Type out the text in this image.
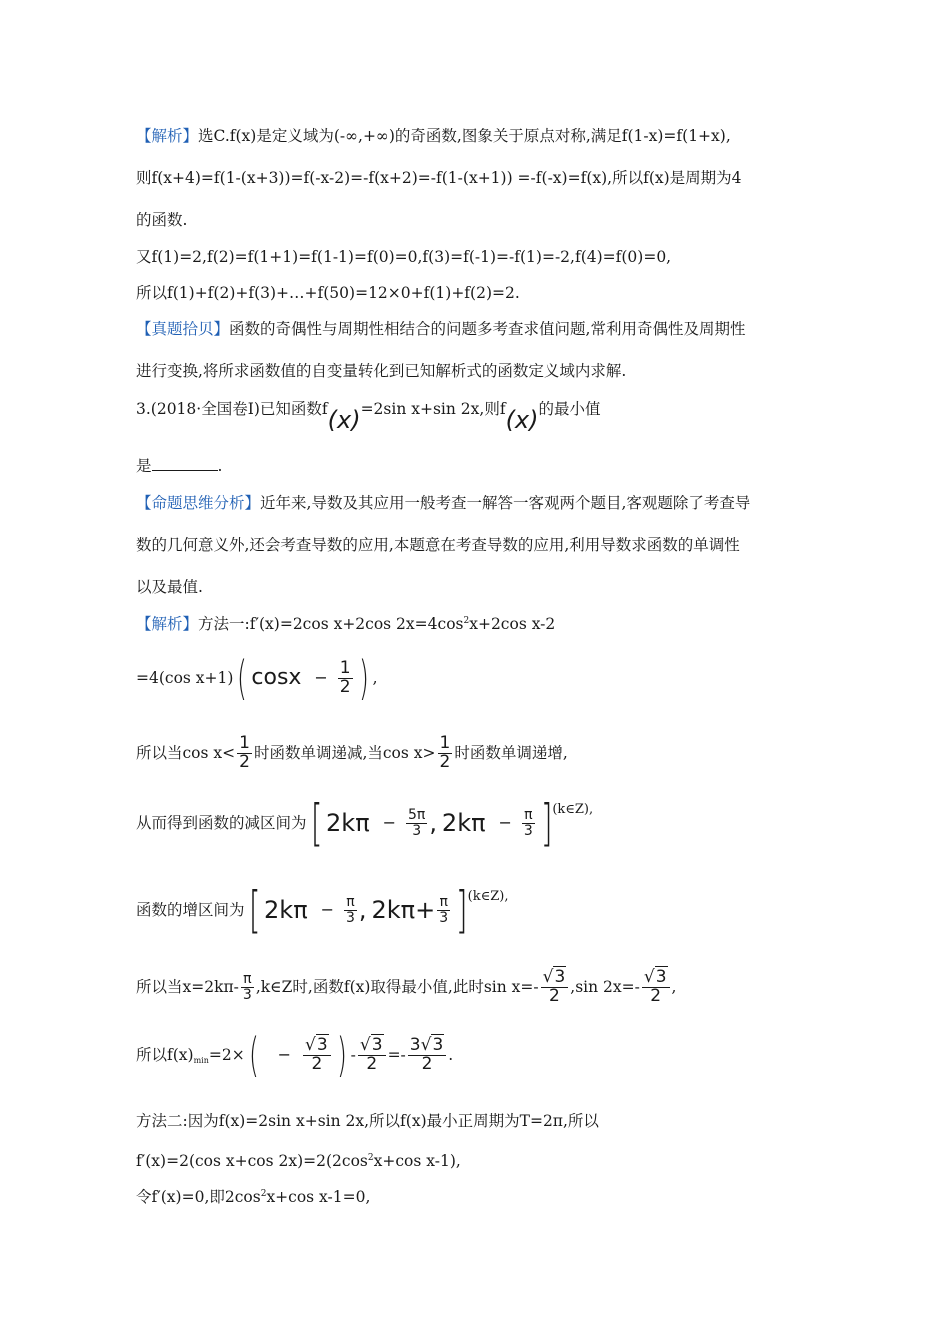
【解析】选C.f(x)是定义域为(-∞,+∞)的奇函数,图象关于原点对称,满足f(1-x)=f(1+x),
则f(x+4)=f(1-(x+3))=f(-x-2)=-f(x+2)=-f(1-(x+1)) =-f(-x)=f(x),所以f(x)是周期为4
的函数.
又f(1)=2,f(2)=f(1+1)=f(1-1)=f(0)=0,f(3)=f(-1)=-f(1)=-2,f(4)=f(0)=0,
所以f(1)+f(2)+f(3)+…+f(50)=12×0+f(1)+f(2)=2.
【真题拾贝】函数的奇偶性与周期性相结合的问题多考查求值问题,常利用奇偶性及周期性
进行变换,将所求函数值的自变量转化到已知解析式的函数定义域内求解.
3.(2018·全国卷Ⅰ)已知函数f(x)=2sin x+sin 2x,则f(x)的最小值
是	.
【命题思维分析】近年来,导数及其应用一般考查一解答一客观两个题目,客观题除了考查导
数的几何意义外,还会考查导数的应用,本题意在考查导数的应用,利用导数求函数的单调性
以及最值.
【解析】方法一:f′(x)=2cos x+2cos $2x=4\cos^2x+2\cos$ x-2
=4(cos x+1)( $\cos x - \frac{1}{2}$ ) ,
所以当$\cos x< \frac{1}{2}$ 时函数单调递减,当$\cos x> \frac{1}{2}$ 时函数单调递增,
从而得到函数的减区间为[ $2k\pi - \frac{5\pi}{3}$ , $2k\pi - \frac{\pi}{3} ]^{(k\in Z),}$
函数的增区间为[ $2k\pi - \frac{\pi}{3}$ , $2k\pi+ \frac{\pi}{3} ]^{(k\in Z),}$
所以当$x=2k\pi- \frac{\pi}{3}$ ,k∈Z时,函数f(x)取得最小值,此时$\sin x=- \frac{√3}{2} ,\sin$ $2x=- \frac{√3}{2}$ ,
所以$f(x)_{min}=2\times( - \frac{√3}{2}$ ) - $\frac{√3}{2} =- \frac{3√3}{2}$ .
方法二:因为f(x)=2sin x+sin 2x,所以f(x)最小正周期为T=2π,所以
f′(x)=2(cos x+cos $2x)=2(2\cos^2x+\cos$ x-1),
令f′(x)=0,即$2\cos^2x+\cos$ x-1=0,
